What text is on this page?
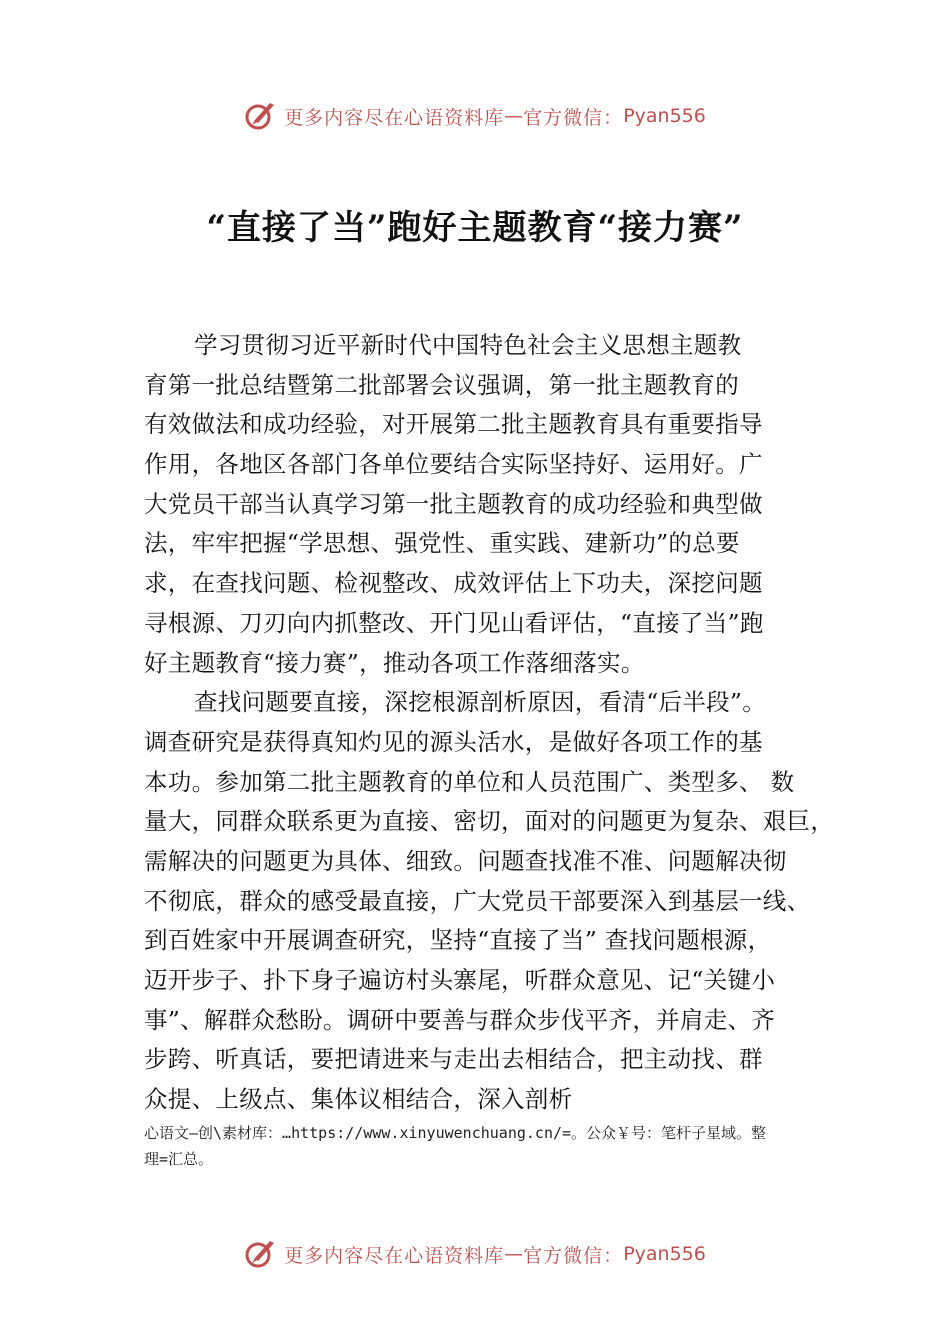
更多内容尽在心语资料库 — 官方微信： Pyan556
“直接了当”跑好主题教育“接力赛”
学习贯彻习近平新时代中国特色社会主义思想主题教
育第一批总结暨第二批部署会议强调，第一批主题教育的
有效做法和成功经验，对开展第二批主题教育具有重要指导
作用，各地区各部门各单位要结合实际坚持好、运用好。广
大党员干部当认真学习第一批主题教育的成功经验和典型做
法，牢牢把握“学思想、强党性、重实践、建新功”的总要
求，在查找问题、检视整改、成效评估上下功夫，深挖问题
寻根源、刀刃向内抓整改、开门见山看评估，“直接了当”跑
好主题教育“接力赛”，推动各项工作落细落实。
查找问题要直接，深挖根源剖析原因，看清“后半段”。
调查研究是获得真知灼见的源头活水，是做好各项工作的基
本功。参加第二批主题教育的单位和人员范围广、类型多、 数
量大，同群众联系更为直接、密切，面对的问题更为复杂、艰巨，
需解决的问题更为具体、细致。问题查找准不准、问题解决彻
不彻底，群众的感受最直接，广大党员干部要深入到基层一线、
到百姓家中开展调查研究，坚持“直接了当” 查找问题根源，
迈开步子、扑下身子遍访村头寨尾，听群众意见、记“关键小
事”、解群众愁盼。调研中要善与群众步伐平齐，并肩走、齐
步跨、听真话，要把请进来与走出去相结合，把主动找、群
众提、上级点、集体议相结合，深入剖析
心语文—创\素材库：…https://www.xinyuwenchuang.cn/=。公众￥号：笔杆子星域。整
理=汇总。
更多内容尽在心语资料库 — 官方微信： Pyan556
